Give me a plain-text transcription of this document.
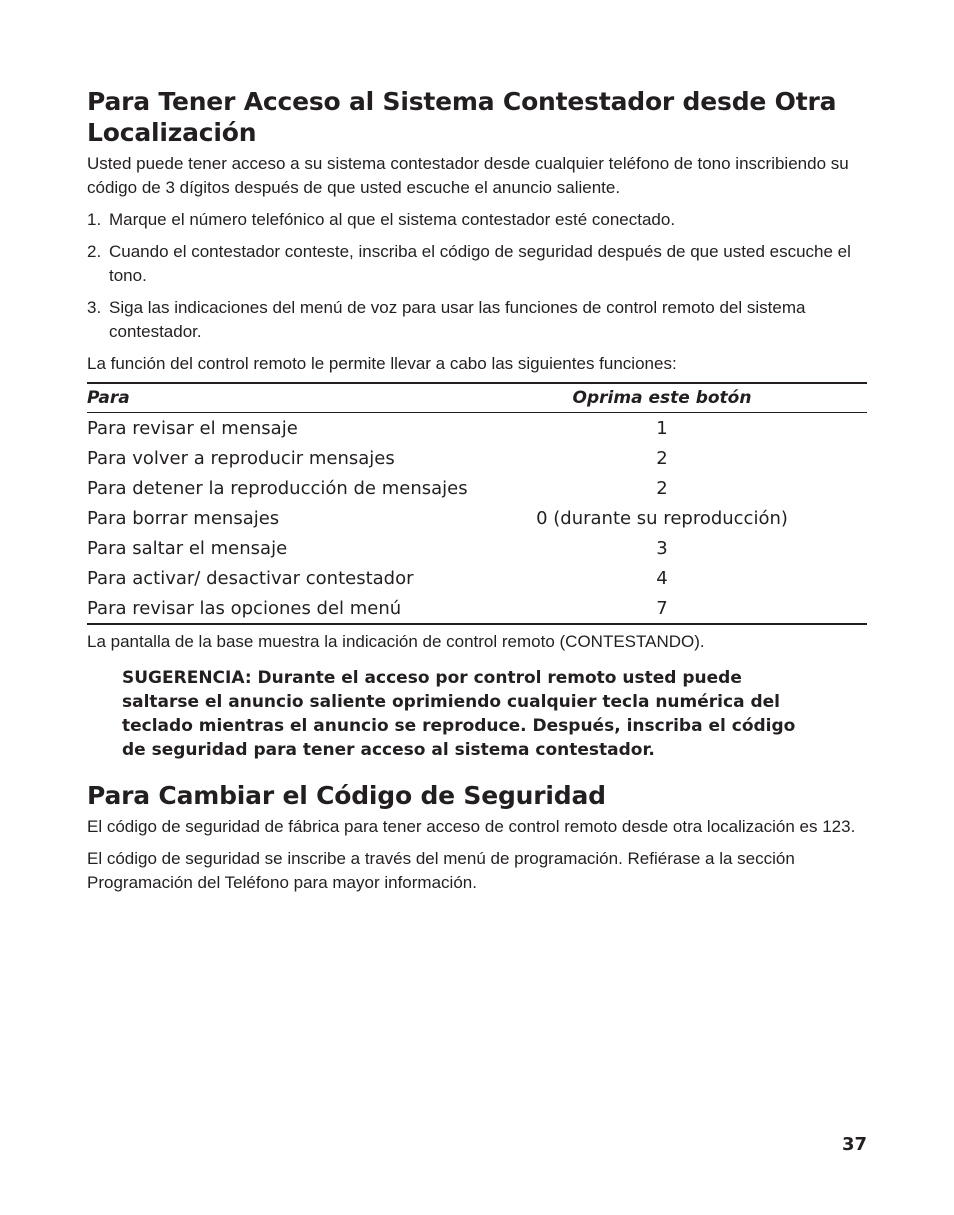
Para Tener Acceso al Sistema Contestador desde Otra Localización

Usted puede tener acceso a su sistema contestador desde cualquier teléfono de tono inscribiendo su código de 3 dígitos después de que usted escuche el anuncio saliente.

1. Marque el número telefónico al que el sistema contestador esté conectado.
2. Cuando el contestador conteste, inscriba el código de seguridad después de que usted escuche el tono.
3. Siga las indicaciones del menú de voz para usar las funciones de control remoto del sistema contestador.

La función del control remoto le permite llevar a cabo las siguientes funciones:

Para	Oprima este botón	
Para revisar el mensaje	1	
Para volver a reproducir mensajes	2	
Para detener la reproducción de mensajes	2	
Para borrar mensajes	0 (durante su reproducción)	
Para saltar el mensaje	3	
Para activar/ desactivar contestador	4	
Para revisar las opciones del menú	7	

La pantalla de la base muestra la indicación de control remoto (CONTESTANDO).

SUGERENCIA: Durante el acceso por control remoto usted puede saltarse el anuncio saliente oprimiendo cualquier tecla numérica del teclado mientras el anuncio se reproduce. Después, inscriba el código de seguridad para tener acceso al sistema contestador.
Para Cambiar el Código de Seguridad

El código de seguridad de fábrica para tener acceso de control remoto desde otra localización es 123.

El código de seguridad se inscribe a través del menú de programación. Refiérase a la sección Programación del Teléfono para mayor información.

37
